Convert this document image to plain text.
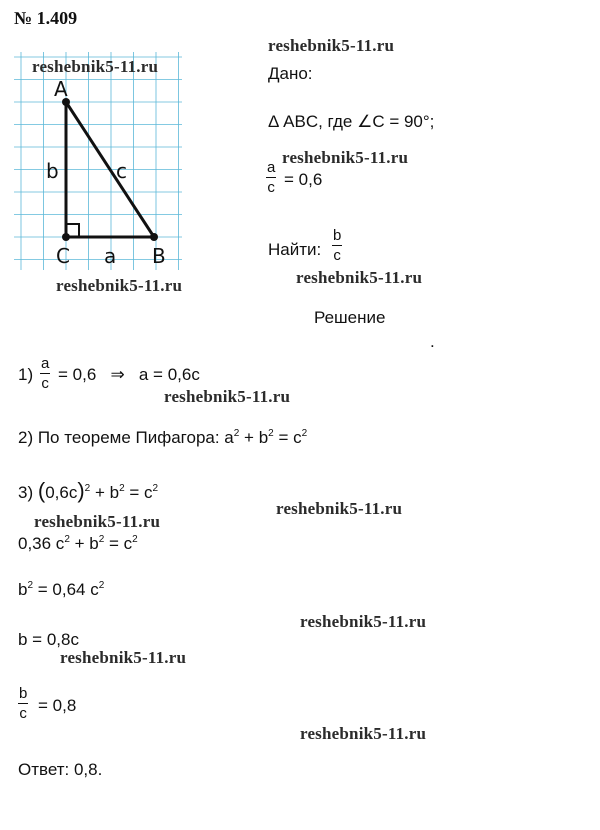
№ 1.409
A
B
C
b	c
a
reshebnik5-11.ru
reshebnik5-11.ru
reshebnik5-11.ru
reshebnik5-11.ru
reshebnik5-11.ru
reshebnik5-11.ru
reshebnik5-11.ru
reshebnik5-11.ru
reshebnik5-11.ru
reshebnik5-11.ru
reshebnik5-11.ru
Дано:
Δ ABC, где ∠C = 90°;
$\frac{a}{c} = 0,6$
Найти: $\frac{b}{c}$
Решение
.
$1) \frac{a}{c} = 0,6$   ⇒   a = 0,6c
2) По теореме Пифагора: $a^2 + b^2 = c^2$
3) $(0,6c)^2 + b^2 = c^2$
0,36 $c^2 + b^2 = c^2$
$b^2 = 0,64$ $c^2$
b = 0,8c
$\frac{b}{c} = 0,8$
Ответ: 0,8.
